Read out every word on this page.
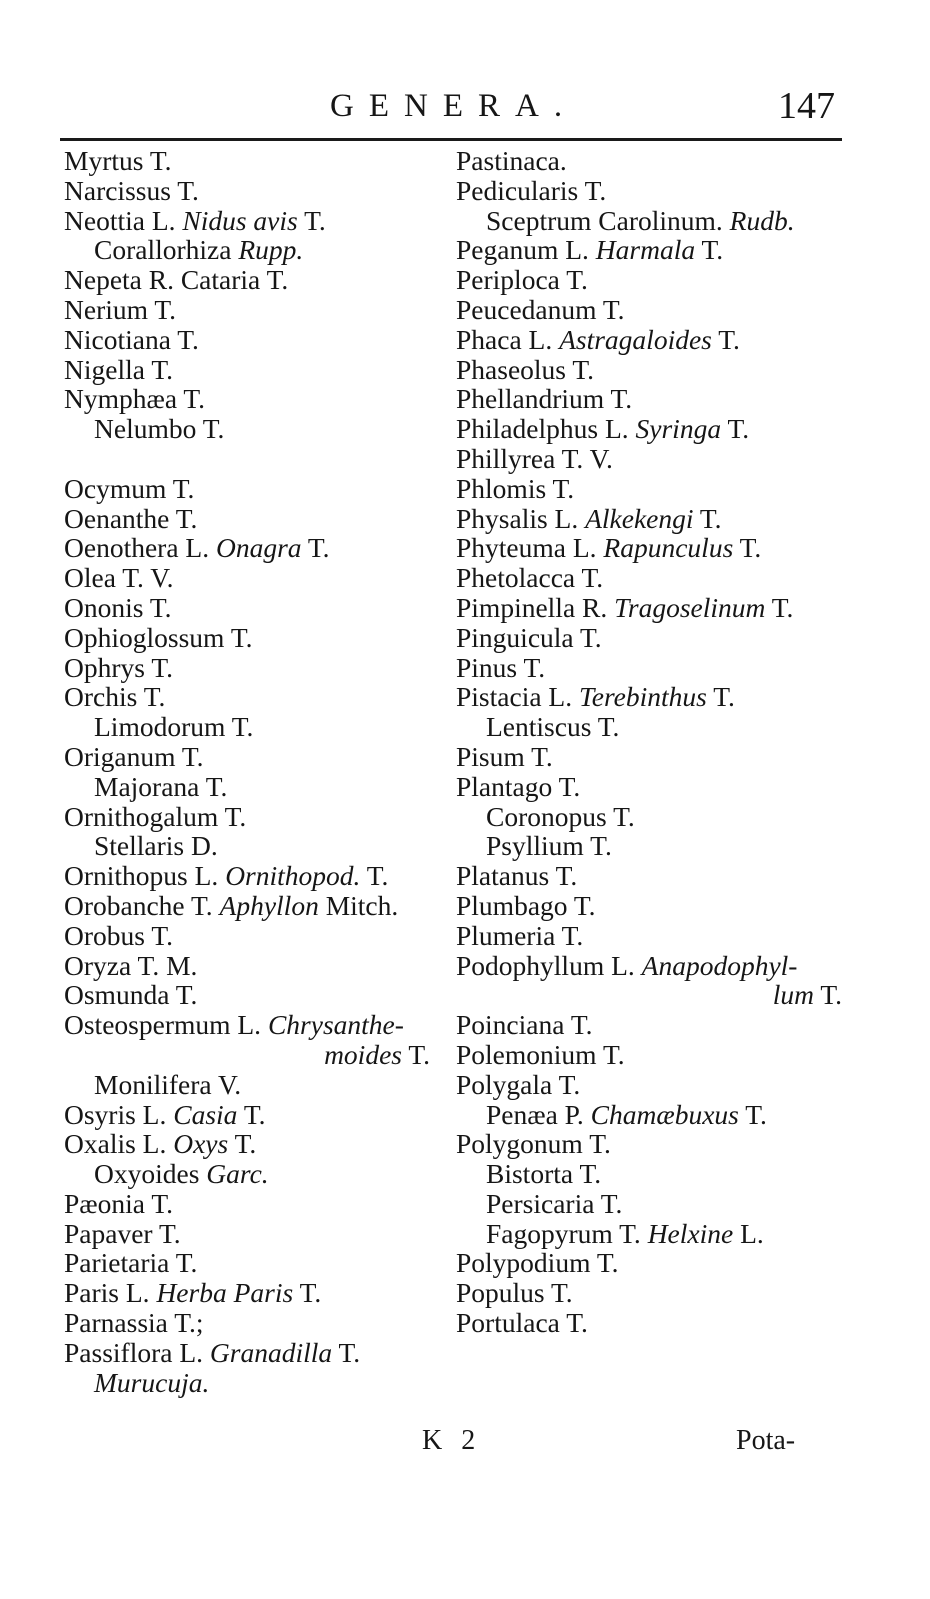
GENERA.	147
Myrtus T.
Narcissus T.
Neottia L. Nidus avis T.
Corallorhiza Rupp.
Nepeta R. Cataria T.
Nerium T.
Nicotiana T.
Nigella T.
Nymphæa T.
Nelumbo T.
Ocymum T.
Oenanthe T.
Oenothera L. Onagra T.
Olea T. V.
Ononis T.
Ophioglossum T.
Ophrys T.
Orchis T.
Limodorum T.
Origanum T.
Majorana T.
Ornithogalum T.
Stellaris D.
Ornithopus L. Ornithopod. T.
Orobanche T. Aphyllon Mitch.
Orobus T.
Oryza T. M.
Osmunda T.
Osteospermum L. Chrysanthe-
moides T.
Monilifera V.
Osyris L. Casia T.
Oxalis L. Oxys T.
Oxyoides Garc.
Pæonia T.
Papaver T.
Parietaria T.
Paris L. Herba Paris T.
Parnassia T.;
Passiflora L. Granadilla T.
Murucuja.
Pastinaca.
Pedicularis T.
Sceptrum Carolinum. Rudb.
Peganum L. Harmala T.
Periploca T.
Peucedanum T.
Phaca L. Astragaloides T.
Phaseolus T.
Phellandrium T.
Philadelphus L. Syringa T.
Phillyrea T. V.
Phlomis T.
Physalis L. Alkekengi T.
Phyteuma L. Rapunculus T.
Phetolacca T.
Pimpinella R. Tragoselinum T.
Pinguicula T.
Pinus T.
Pistacia L. Terebinthus T.
Lentiscus T.
Pisum T.
Plantago T.
Coronopus T.
Psyllium T.
Platanus T.
Plumbago T.
Plumeria T.
Podophyllum L. Anapodophyl-
lum T.
Poinciana T.
Polemonium T.
Polygala T.
Penæa P. Chamæbuxus T.
Polygonum T.
Bistorta T.
Persicaria T.
Fagopyrum T. Helxine L.
Polypodium T.
Populus T.
Portulaca T.
K 2	Pota-
